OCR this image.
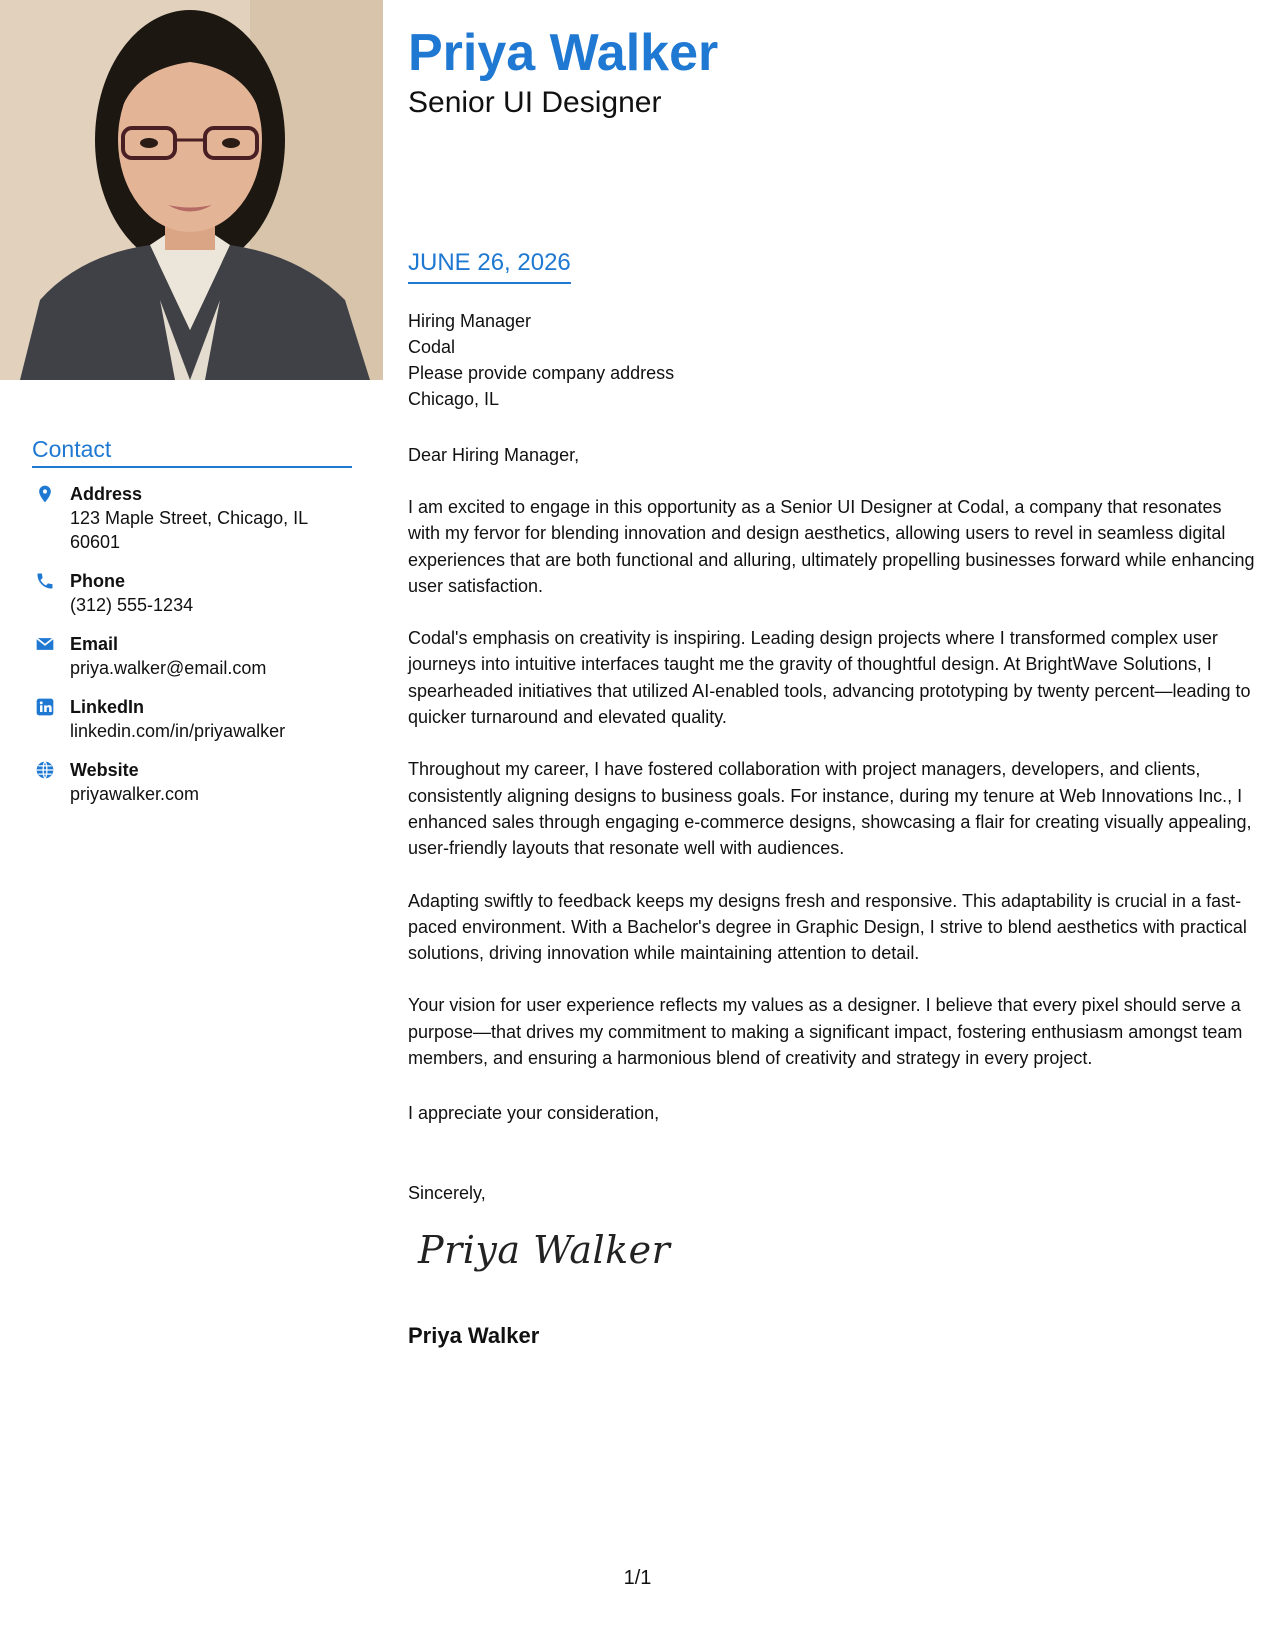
Contact
Address
123 Maple Street, Chicago, IL 60601
Phone
(312) 555-1234
Email
priya.walker@email.com
LinkedIn
linkedin.com/in/priyawalker
Website
priyawalker.com
Priya Walker
Senior UI Designer
JUNE 26, 2026
Hiring Manager
Codal
Please provide company address
Chicago, IL
Dear Hiring Manager,

I am excited to engage in this opportunity as a Senior UI Designer at Codal, a company that resonates with my fervor for blending innovation and design aesthetics, allowing users to revel in seamless digital experiences that are both functional and alluring, ultimately propelling businesses forward while enhancing user satisfaction.

Codal's emphasis on creativity is inspiring. Leading design projects where I transformed complex user journeys into intuitive interfaces taught me the gravity of thoughtful design. At BrightWave Solutions, I spearheaded initiatives that utilized AI-enabled tools, advancing prototyping by twenty percent—leading to quicker turnaround and elevated quality.

Throughout my career, I have fostered collaboration with project managers, developers, and clients, consistently aligning designs to business goals. For instance, during my tenure at Web Innovations Inc., I enhanced sales through engaging e-commerce designs, showcasing a flair for creating visually appealing, user-friendly layouts that resonate well with audiences.

Adapting swiftly to feedback keeps my designs fresh and responsive. This adaptability is crucial in a fast-paced environment. With a Bachelor's degree in Graphic Design, I strive to blend aesthetics with practical solutions, driving innovation while maintaining attention to detail.

Your vision for user experience reflects my values as a designer. I believe that every pixel should serve a purpose—that drives my commitment to making a significant impact, fostering enthusiasm amongst team members, and ensuring a harmonious blend of creativity and strategy in every project.

I appreciate your consideration,
Sincerely,
Priya Walker
Priya Walker
1/1
